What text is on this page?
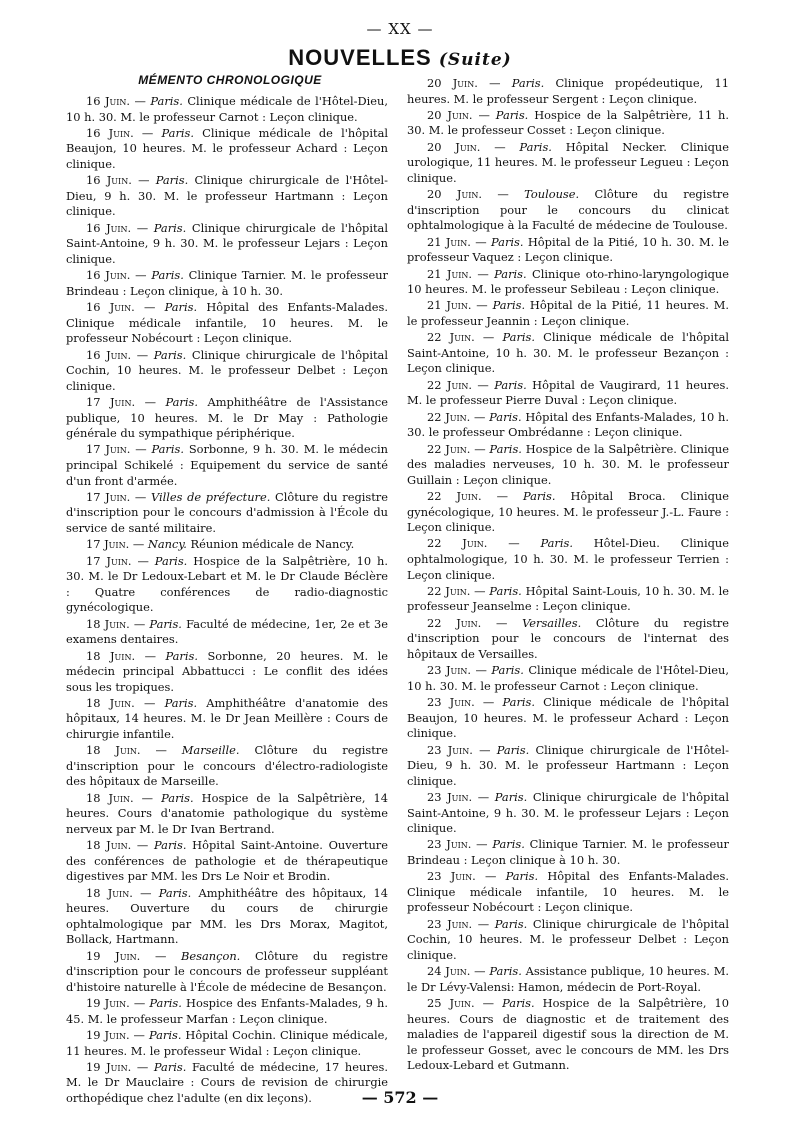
— XX —
NOUVELLES (Suite)
MÉMENTO CHRONOLOGIQUE

16 Juin. — Paris. Clinique médicale de l'Hôtel-Dieu, 10 h. 30. M. le professeur Carnot : Leçon clinique.

16 Juin. — Paris. Clinique médicale de l'hôpital Beaujon, 10 heures. M. le professeur Achard : Leçon clinique.

16 Juin. — Paris. Clinique chirurgicale de l'Hôtel-Dieu, 9 h. 30. M. le professeur Hartmann : Leçon clinique.

16 Juin. — Paris. Clinique chirurgicale de l'hôpital Saint-Antoine, 9 h. 30. M. le professeur Lejars : Leçon clinique.

16 Juin. — Paris. Clinique Tarnier. M. le professeur Brindeau : Leçon clinique, à 10 h. 30.

16 Juin. — Paris. Hôpital des Enfants-Malades. Clinique médicale infantile, 10 heures. M. le professeur Nobécourt : Leçon clinique.

16 Juin. — Paris. Clinique chirurgicale de l'hôpital Cochin, 10 heures. M. le professeur Delbet : Leçon clinique.

17 Juin. — Paris. Amphithéâtre de l'Assistance publique, 10 heures. M. le Dr May : Pathologie générale du sympathique périphérique.

17 Juin. — Paris. Sorbonne, 9 h. 30. M. le médecin principal Schikelé : Equipement du service de santé d'un front d'armée.

17 Juin. — Villes de préfecture. Clôture du registre d'inscription pour le concours d'admission à l'École du service de santé militaire.

17 Juin. — Nancy. Réunion médicale de Nancy.

17 Juin. — Paris. Hospice de la Salpêtrière, 10 h. 30. M. le Dr Ledoux-Lebart et M. le Dr Claude Béclère : Quatre conférences de radio-diagnostic gynécologique.

18 Juin. — Paris. Faculté de médecine, 1er, 2e et 3e examens dentaires.

18 Juin. — Paris. Sorbonne, 20 heures. M. le médecin principal Abbattucci : Le conflit des idées sous les tropiques.

18 Juin. — Paris. Amphithéâtre d'anatomie des hôpitaux, 14 heures. M. le Dr Jean Meillère : Cours de chirurgie infantile.

18 Juin. — Marseille. Clôture du registre d'inscription pour le concours d'électro-radiologiste des hôpitaux de Marseille.

18 Juin. — Paris. Hospice de la Salpêtrière, 14 heures. Cours d'anatomie pathologique du système nerveux par M. le Dr Ivan Bertrand.

18 Juin. — Paris. Hôpital Saint-Antoine. Ouverture des conférences de pathologie et de thérapeutique digestives par MM. les Drs Le Noir et Brodin.

18 Juin. — Paris. Amphithéâtre des hôpitaux, 14 heures. Ouverture du cours de chirurgie ophtalmologique par MM. les Drs Morax, Magitot, Bollack, Hartmann.

19 Juin. — Besançon. Clôture du registre d'inscription pour le concours de professeur suppléant d'histoire naturelle à l'École de médecine de Besançon.

19 Juin. — Paris. Hospice des Enfants-Malades, 9 h. 45. M. le professeur Marfan : Leçon clinique.

19 Juin. — Paris. Hôpital Cochin. Clinique médicale, 11 heures. M. le professeur Widal : Leçon clinique.

19 Juin. — Paris. Faculté de médecine, 17 heures. M. le Dr Mauclaire : Cours de revision de chirurgie orthopédique chez l'adulte (en dix leçons).

20 Juin. — Paris. Clinique propédeutique, 11 heures. M. le professeur Sergent : Leçon clinique.

20 Juin. — Paris. Hospice de la Salpêtrière, 11 h. 30. M. le professeur Cosset : Leçon clinique.

20 Juin. — Paris. Hôpital Necker. Clinique urologique, 11 heures. M. le professeur Legueu : Leçon clinique.

20 Juin. — Toulouse. Clôture du registre d'inscription pour le concours du clinicat ophtalmologique à la Faculté de médecine de Toulouse.

21 Juin. — Paris. Hôpital de la Pitié, 10 h. 30. M. le professeur Vaquez : Leçon clinique.

21 Juin. — Paris. Clinique oto-rhino-laryngologique 10 heures. M. le professeur Sebileau : Leçon clinique.

21 Juin. — Paris. Hôpital de la Pitié, 11 heures. M. le professeur Jeannin : Leçon clinique.

22 Juin. — Paris. Clinique médicale de l'hôpital Saint-Antoine, 10 h. 30. M. le professeur Bezançon : Leçon clinique.

22 Juin. — Paris. Hôpital de Vaugirard, 11 heures. M. le professeur Pierre Duval : Leçon clinique.

22 Juin. — Paris. Hôpital des Enfants-Malades, 10 h. 30. le professeur Ombrédanne : Leçon clinique.

22 Juin. — Paris. Hospice de la Salpêtrière. Clinique des maladies nerveuses, 10 h. 30. M. le professeur Guillain : Leçon clinique.

22 Juin. — Paris. Hôpital Broca. Clinique gynécologique, 10 heures. M. le professeur J.-L. Faure : Leçon clinique.

22 Juin. — Paris. Hôtel-Dieu. Clinique ophtalmologique, 10 h. 30. M. le professeur Terrien : Leçon clinique.

22 Juin. — Paris. Hôpital Saint-Louis, 10 h. 30. M. le professeur Jeanselme : Leçon clinique.

22 Juin. — Versailles. Clôture du registre d'inscription pour le concours de l'internat des hôpitaux de Versailles.

23 Juin. — Paris. Clinique médicale de l'Hôtel-Dieu, 10 h. 30. M. le professeur Carnot : Leçon clinique.

23 Juin. — Paris. Clinique médicale de l'hôpital Beaujon, 10 heures. M. le professeur Achard : Leçon clinique.

23 Juin. — Paris. Clinique chirurgicale de l'Hôtel-Dieu, 9 h. 30. M. le professeur Hartmann : Leçon clinique.

23 Juin. — Paris. Clinique chirurgicale de l'hôpital Saint-Antoine, 9 h. 30. M. le professeur Lejars : Leçon clinique.

23 Juin. — Paris. Clinique Tarnier. M. le professeur Brindeau : Leçon clinique à 10 h. 30.

23 Juin. — Paris. Hôpital des Enfants-Malades. Clinique médicale infantile, 10 heures. M. le professeur Nobécourt : Leçon clinique.

23 Juin. — Paris. Clinique chirurgicale de l'hôpital Cochin, 10 heures. M. le professeur Delbet : Leçon clinique.

24 Juin. — Paris. Assistance publique, 10 heures. M. le Dr Lévy-Valensi: Hamon, médecin de Port-Royal.

25 Juin. — Paris. Hospice de la Salpêtrière, 10 heures. Cours de diagnostic et de traitement des maladies de l'appareil digestif sous la direction de M. le professeur Gosset, avec le concours de MM. les Drs Ledoux-Lebard et Gutmann.

— 572 —
